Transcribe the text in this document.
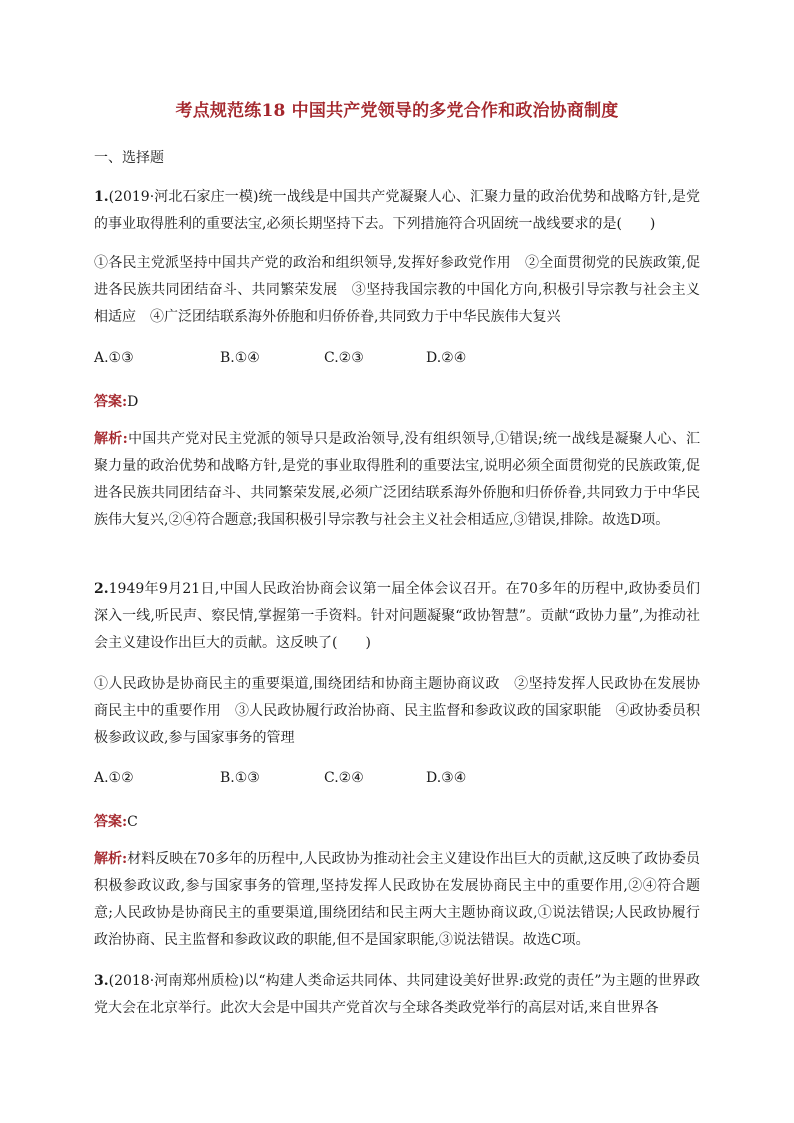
考点规范练18 中国共产党领导的多党合作和政治协商制度
一、选择题

1.(2019·河北石家庄一模)统一战线是中国共产党凝聚人心、汇聚力量的政治优势和战略方针,是党的事业取得胜利的重要法宝,必须长期坚持下去。下列措施符合巩固统一战线要求的是(　　)

①各民主党派坚持中国共产党的政治和组织领导,发挥好参政党作用　②全面贯彻党的民族政策,促进各民族共同团结奋斗、共同繁荣发展　③坚持我国宗教的中国化方向,积极引导宗教与社会主义相适应　④广泛团结联系海外侨胞和归侨侨眷,共同致力于中华民族伟大复兴

A.①③	B.①④	C.②③	D.②④
答案:D

解析:中国共产党对民主党派的领导只是政治领导,没有组织领导,①错误;统一战线是凝聚人心、汇聚力量的政治优势和战略方针,是党的事业取得胜利的重要法宝,说明必须全面贯彻党的民族政策,促进各民族共同团结奋斗、共同繁荣发展,必须广泛团结联系海外侨胞和归侨侨眷,共同致力于中华民族伟大复兴,②④符合题意;我国积极引导宗教与社会主义社会相适应,③错误,排除。故选D项。

2.1949年9月21日,中国人民政治协商会议第一届全体会议召开。在70多年的历程中,政协委员们深入一线,听民声、察民情,掌握第一手资料。针对问题凝聚“政协智慧”。贡献“政协力量”,为推动社会主义建设作出巨大的贡献。这反映了(　　)

①人民政协是协商民主的重要渠道,围绕团结和协商主题协商议政　②坚持发挥人民政协在发展协商民主中的重要作用　③人民政协履行政治协商、民主监督和参政议政的国家职能　④政协委员积极参政议政,参与国家事务的管理

A.①②	B.①③	C.②④	D.③④
答案:C

解析:材料反映在70多年的历程中,人民政协为推动社会主义建设作出巨大的贡献,这反映了政协委员积极参政议政,参与国家事务的管理,坚持发挥人民政协在发展协商民主中的重要作用,②④符合题意;人民政协是协商民主的重要渠道,围绕团结和民主两大主题协商议政,①说法错误;人民政协履行政治协商、民主监督和参政议政的职能,但不是国家职能,③说法错误。故选C项。

3.(2018·河南郑州质检)以“构建人类命运共同体、共同建设美好世界:政党的责任”为主题的世界政党大会在北京举行。此次大会是中国共产党首次与全球各类政党举行的高层对话,来自世界各
